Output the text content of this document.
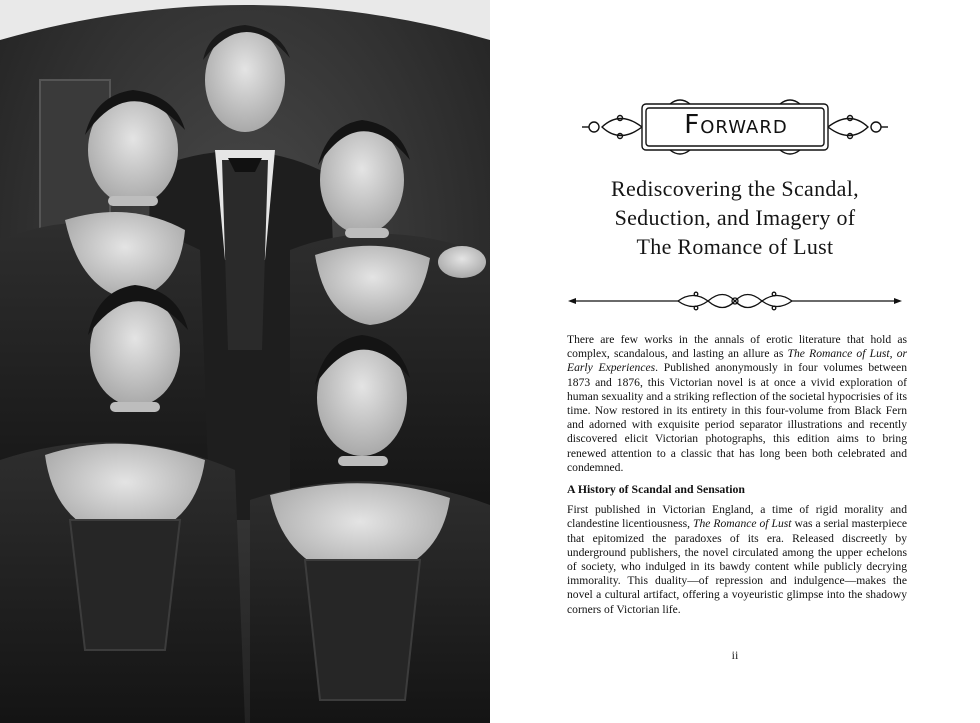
Forward
Rediscovering the Scandal,
Seduction, and Imagery of
The Romance of Lust

There are few works in the annals of erotic literature that hold as complex, scandalous, and lasting an allure as The Romance of Lust, or Early Experiences. Published anonymously in four volumes between 1873 and 1876, this Victorian novel is at once a vivid exploration of human sexuality and a striking reflection of the societal hypocrisies of its time. Now restored in its entirety in this four-volume from Black Fern and adorned with exquisite period separator illustrations and recently discovered elicit Victorian photographs, this edition aims to bring renewed attention to a classic that has long been both celebrated and condemned.

A History of Scandal and Sensation

First published in Victorian England, a time of rigid morality and clandestine licentiousness, The Romance of Lust was a serial masterpiece that epitomized the paradoxes of its era. Released discreetly by underground publishers, the novel circulated among the upper echelons of society, who indulged in its bawdy content while publicly decrying immorality. This duality—of repression and indulgence—makes the novel a cultural artifact, offering a voyeuristic glimpse into the shadowy corners of Victorian life.

ii
